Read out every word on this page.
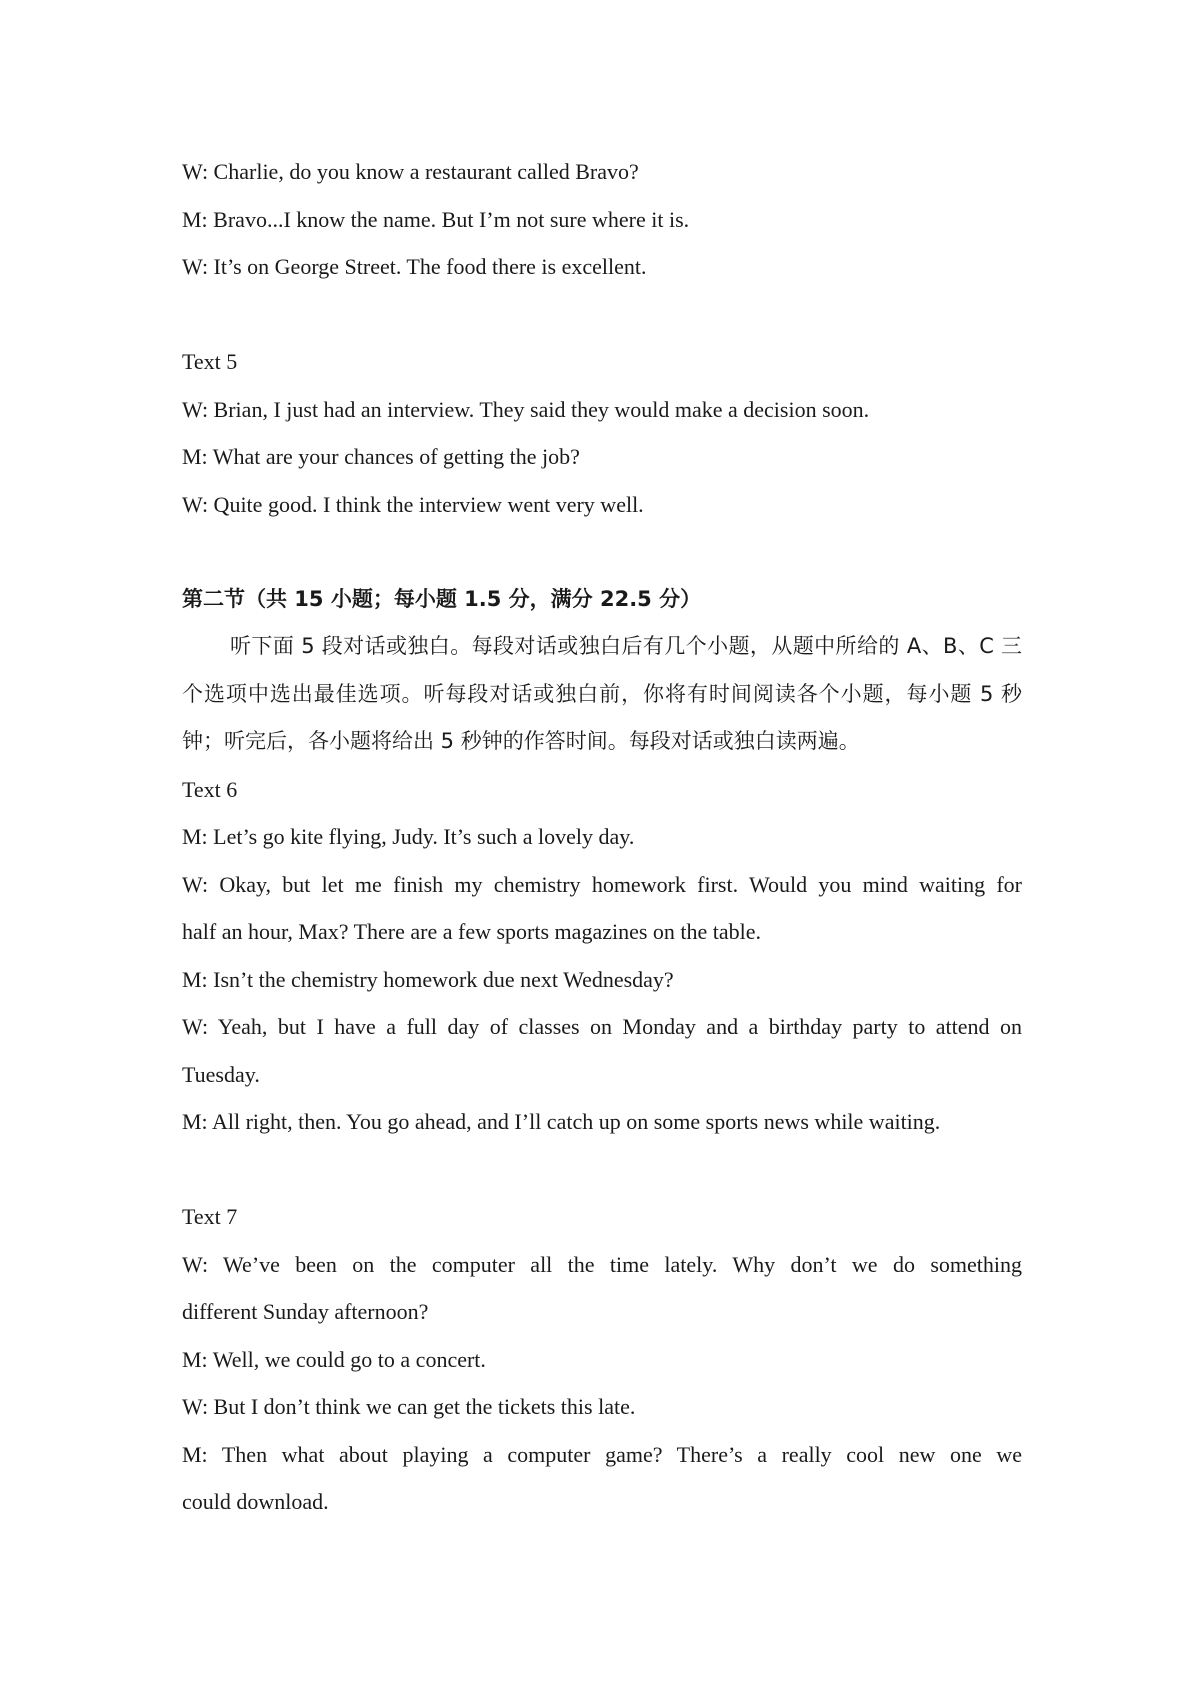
W: Charlie, do you know a restaurant called Bravo?
M: Bravo...I know the name. But I’m not sure where it is.
W: It’s on George Street. The food there is excellent.
Text 5
W: Brian, I just had an interview. They said they would make a decision soon.
M: What are your chances of getting the job?
W: Quite good. I think the interview went very well.
第二节（共 15 小题；每小题 1.5 分，满分 22.5 分）
听下面 5 段对话或独白。每段对话或独白后有几个小题，从题中所给的 A、B、C 三个选项中选出最佳选项。听每段对话或独白前，你将有时间阅读各个小题，每小题 5 秒钟；听完后，各小题将给出 5 秒钟的作答时间。每段对话或独白读两遍。
Text 6
M: Let’s go kite flying, Judy. It’s such a lovely day.
W: Okay, but let me finish my chemistry homework first. Would you mind waiting for
half an hour, Max? There are a few sports magazines on the table.
M: Isn’t the chemistry homework due next Wednesday?
W: Yeah, but I have a full day of classes on Monday and a birthday party to attend on
Tuesday.
M: All right, then. You go ahead, and I’ll catch up on some sports news while waiting.
Text 7
W: We’ve been on the computer all the time lately. Why don’t we do something
different Sunday afternoon?
M: Well, we could go to a concert.
W: But I don’t think we can get the tickets this late.
M: Then what about playing a computer game? There’s a really cool new one we
could download.
